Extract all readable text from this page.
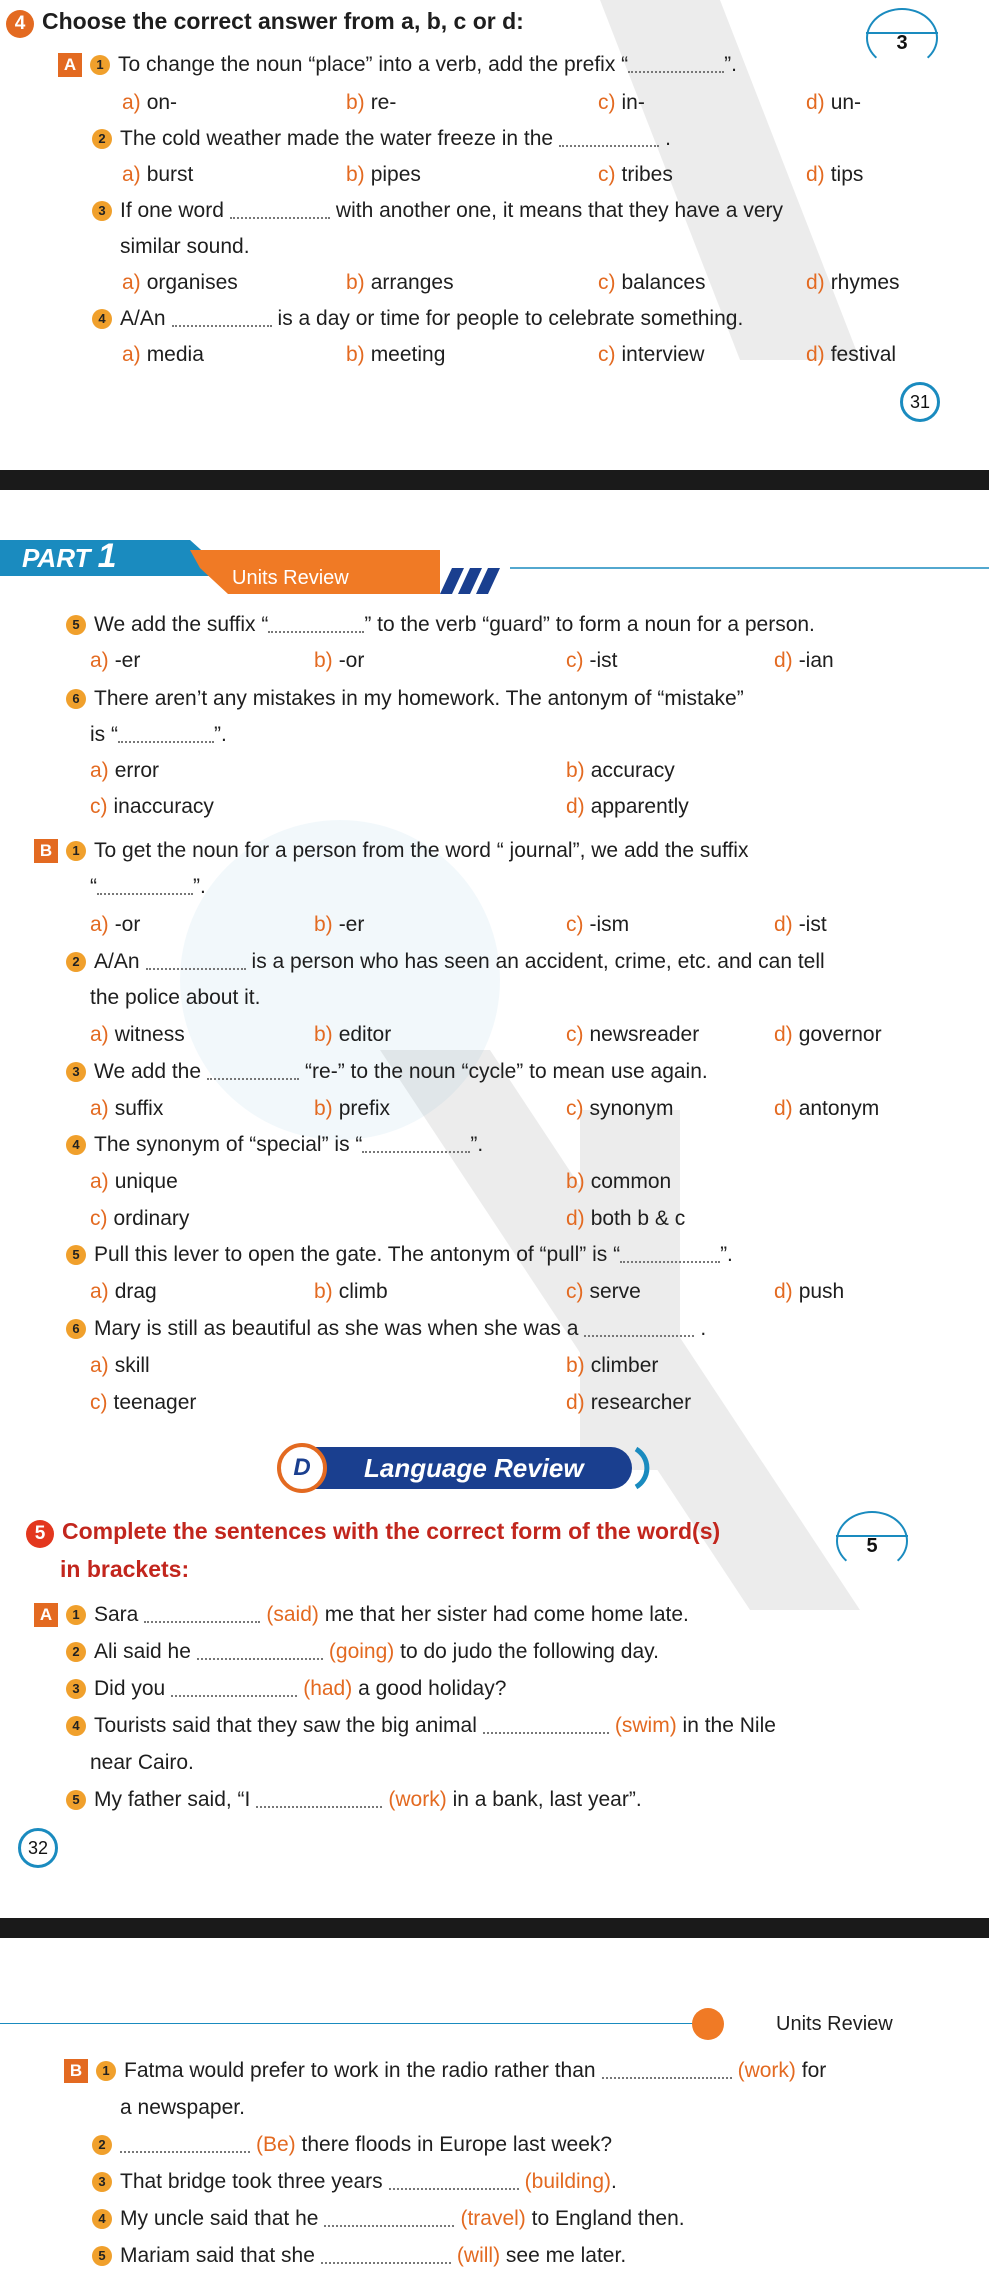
4 Choose the correct answer from a, b, c or d:
3
A 1 To change the noun “place” into a verb, add the prefix “	”.
a) on-	b) re-	c) in-	d) un-
2 The cold weather made the water freeze in the	.
a) burst	b) pipes	c) tribes	d) tips
3 If one word	with another one, it means that they have a very
similar sound.
a) organises	b) arranges	c) balances	d) rhymes
4 A/An	is a day or time for people to celebrate something.
a) media	b) meeting	c) interview	d) festival
31
PART 1
Units Review
5 We add the suffix “	” to the verb “guard” to form a noun for a person.
a) -er	b) -or	c) -ist	d) -ian
6 There aren’t any mistakes in my homework. The antonym of “mistake”
is “	”.
a) error	b) accuracy
c) inaccuracy	d) apparently
B 1 To get the noun for a person from the word “ journal”, we add the suffix
“	”.
a) -or	b) -er	c) -ism	d) -ist
2 A/An	is a person who has seen an accident, crime, etc. and can tell
the police about it.
a) witness	b) editor	c) newsreader	d) governor
3 We add the	“re-” to the noun “cycle” to mean use again.
a) suffix	b) prefix	c) synonym	d) antonym
4 The synonym of “special” is “	”.
a) unique	b) common
c) ordinary	d) both b & c
5 Pull this lever to open the gate. The antonym of “pull” is “	”.
a) drag	b) climb	c) serve	d) push
6 Mary is still as beautiful as she was when she was a	.
a) skill	b) climber
c) teenager	d) researcher
D Language Review
5 Complete the sentences with the correct form of the word(s)
in brackets:
5
A 1 Sara	(said) me that her sister had come home late.
2 Ali said he	(going) to do judo the following day.
3 Did you	(had) a good holiday?
4 Tourists said that they saw the big animal	(swim) in the Nile
near Cairo.
5 My father said, “I	(work) in a bank, last year”.
32
Units Review
B 1 Fatma would prefer to work in the radio rather than	(work) for
a newspaper.
2	(Be) there floods in Europe last week?
3 That bridge took three years	(building).
4 My uncle said that he	(travel) to England then.
5 Mariam said that she	(will) see me later.
